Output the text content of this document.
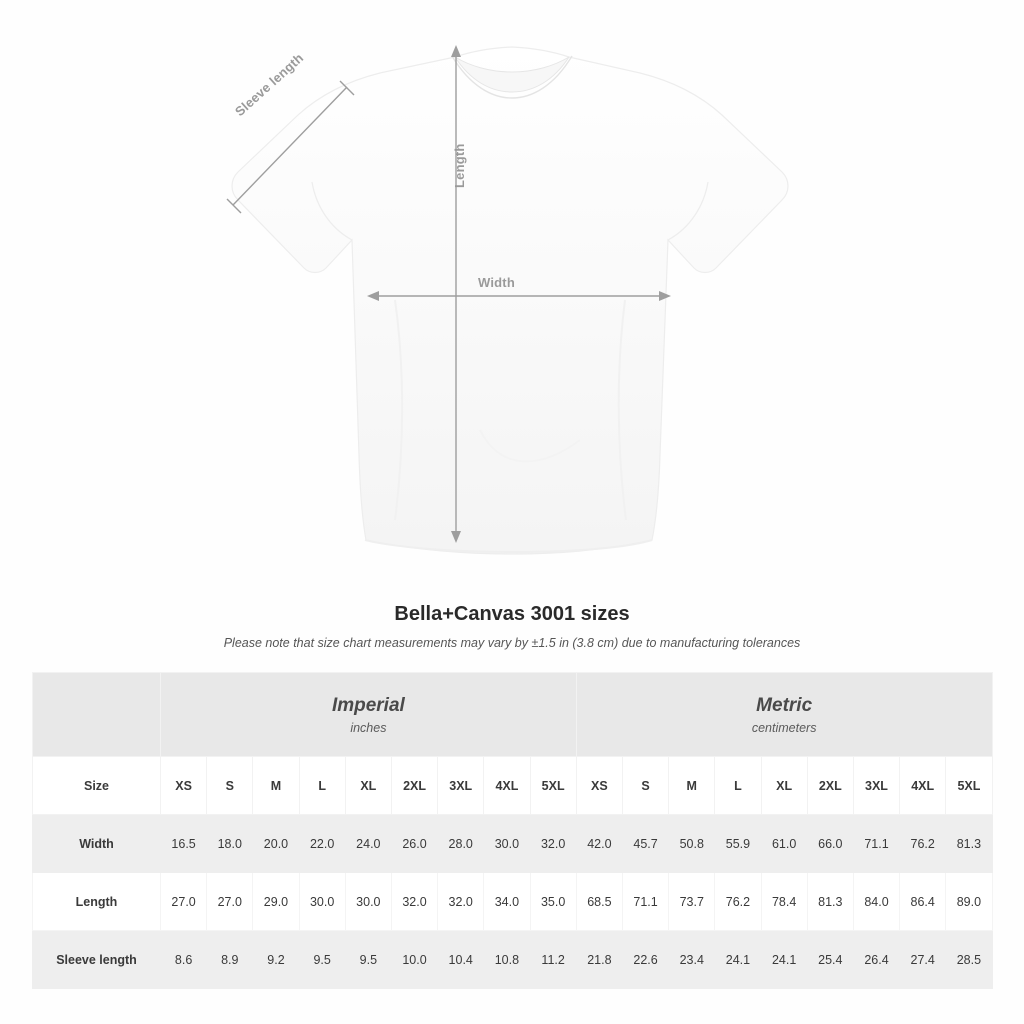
Sleeve length
Length
Width

Bella+Canvas 3001 sizes

Please note that size chart measurements may vary by ±1.5 in (3.8 cm) due to manufacturing tolerances

	Imperial
inches									Metric
centimeters								

Size	XS	S	M	L	XL	2XL	3XL	4XL	5XL	XS	S	M	L	XL	2XL	3XL	4XL	5XL
Width	16.5	18.0	20.0	22.0	24.0	26.0	28.0	30.0	32.0	42.0	45.7	50.8	55.9	61.0	66.0	71.1	76.2	81.3
Length	27.0	27.0	29.0	30.0	30.0	32.0	32.0	34.0	35.0	68.5	71.1	73.7	76.2	78.4	81.3	84.0	86.4	89.0
Sleeve length	8.6	8.9	9.2	9.5	9.5	10.0	10.4	10.8	11.2	21.8	22.6	23.4	24.1	24.1	25.4	26.4	27.4	28.5
